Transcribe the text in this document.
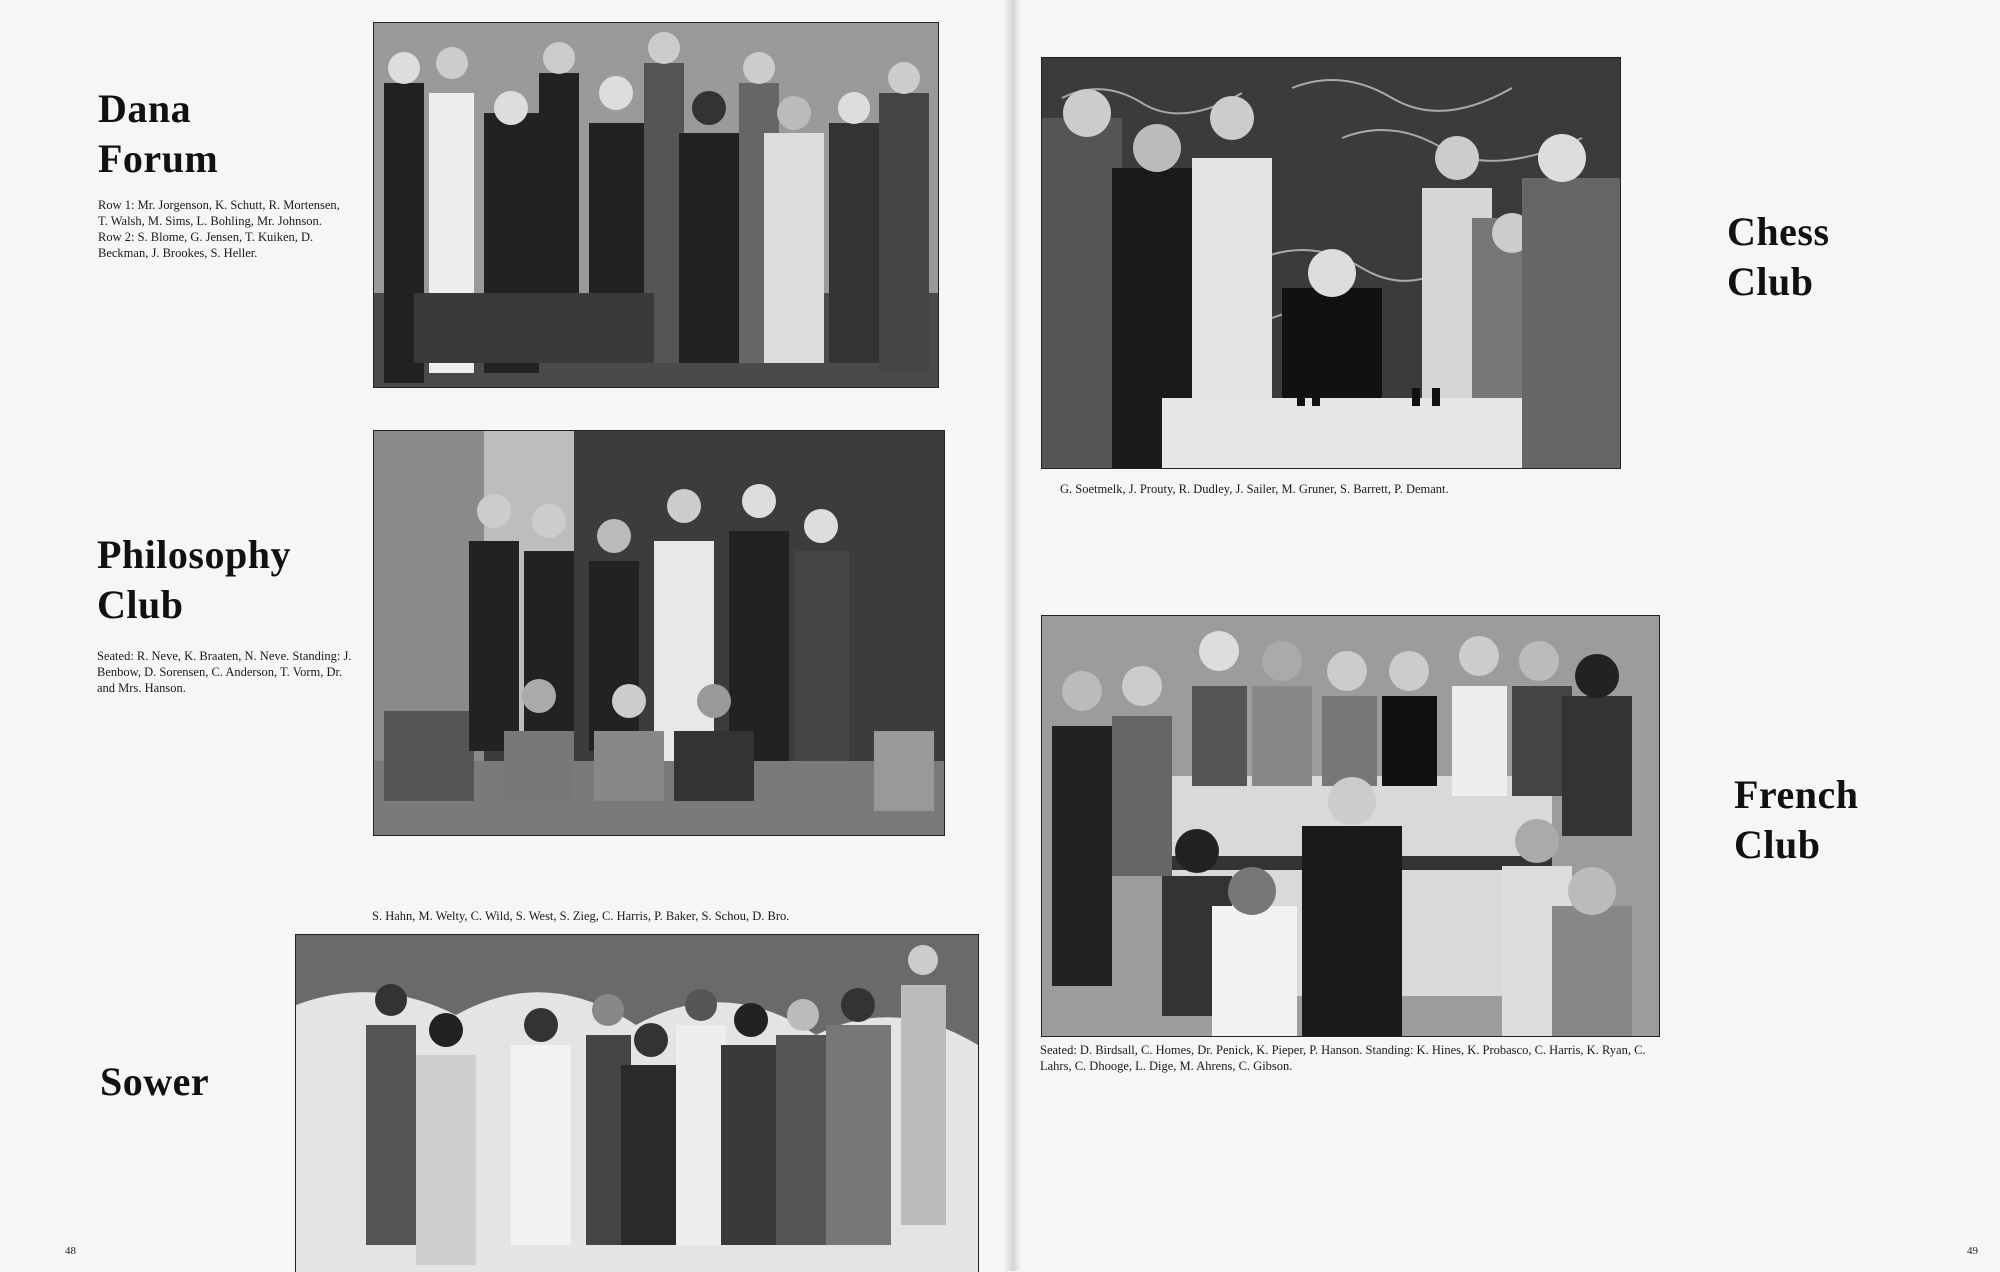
Dana
Forum
Row 1: Mr. Jorgenson, K. Schutt, R. Mortensen, T. Walsh, M. Sims, L. Bohling, Mr. Johnson. Row 2: S. Blome, G. Jensen, T. Kuiken, D. Beckman, J. Brookes, S. Heller.
Philosophy
Club
Seated: R. Neve, K. Braaten, N. Neve. Standing: J. Benbow, D. Sorensen, C. Anderson, T. Vorm, Dr. and Mrs. Hanson.
S. Hahn, M. Welty, C. Wild, S. West, S. Zieg, C. Harris, P. Baker, S. Schou, D. Bro.
Sower
48
G. Soetmelk, J. Prouty, R. Dudley, J. Sailer, M. Gruner, S. Barrett, P. Demant.
Chess
Club
Seated: D. Birdsall, C. Homes, Dr. Penick, K. Pieper, P. Hanson. Standing: K. Hines, K. Probasco, C. Harris, K. Ryan, C. Lahrs, C. Dhooge, L. Dige, M. Ahrens, C. Gibson.
French
Club
49
